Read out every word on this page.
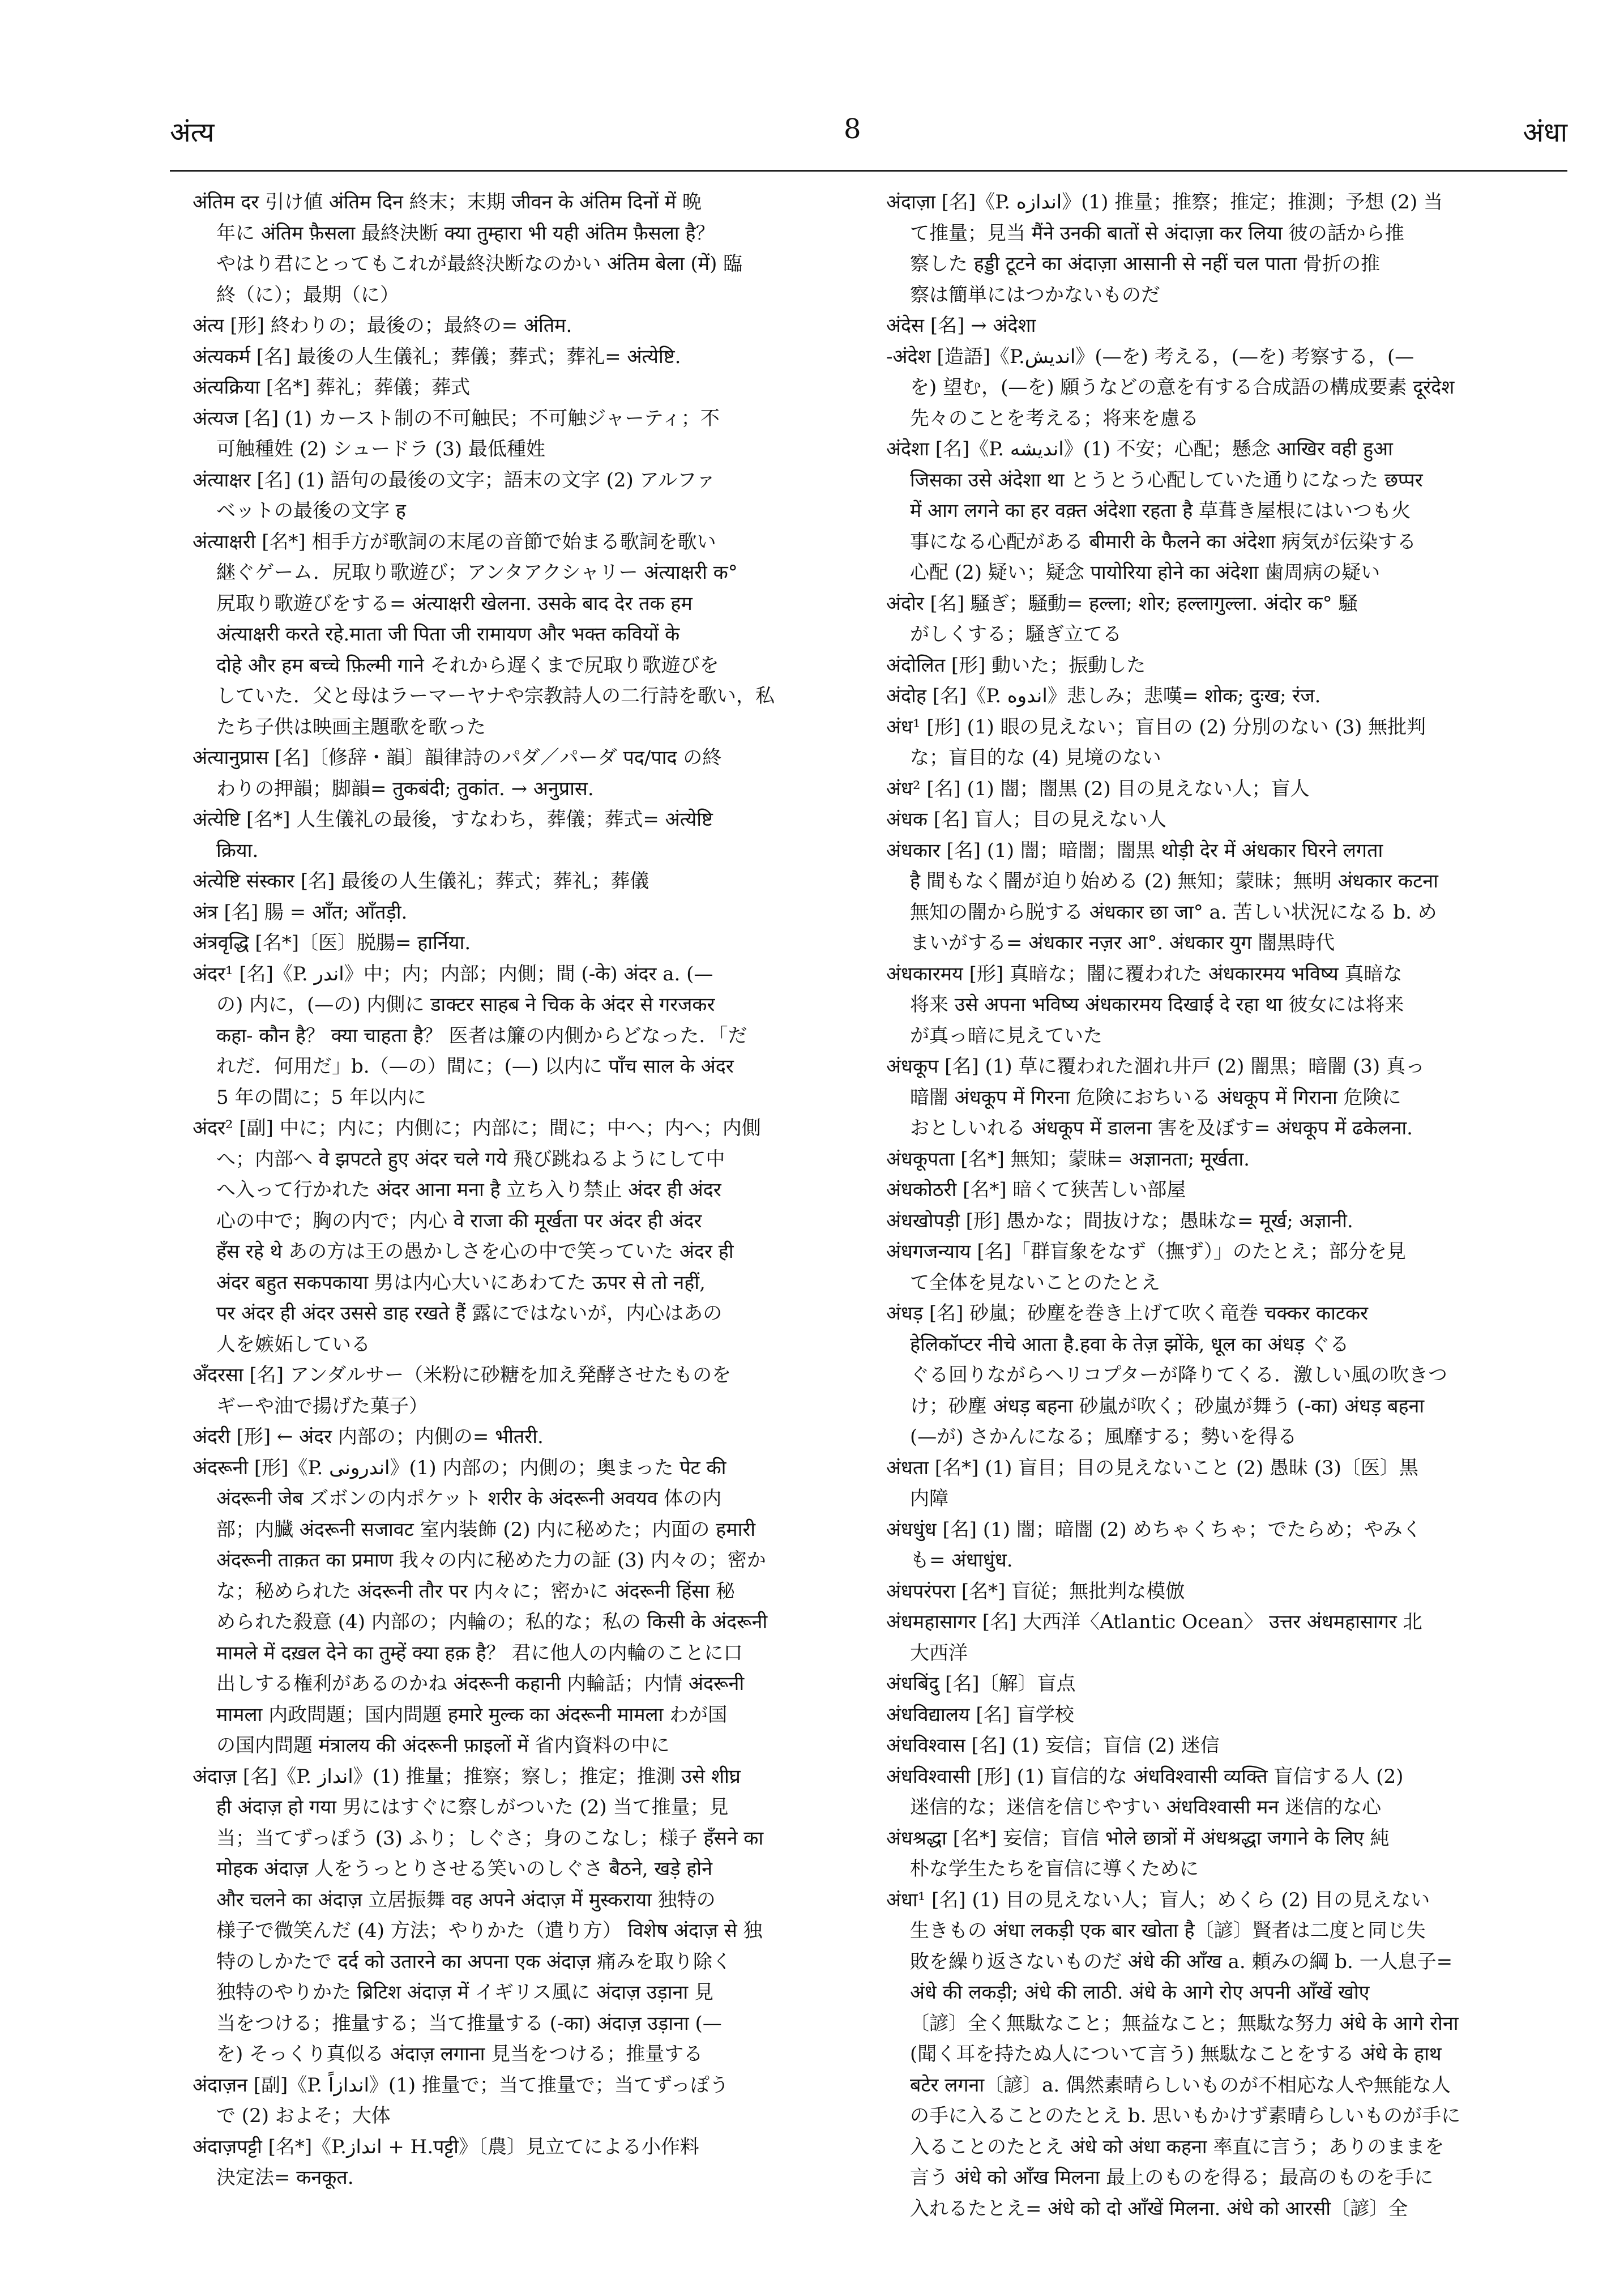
अंत्य	8	अंधा
अंतिम दर 引け値 अंतिम दिन 終末；末期 जीवन के अंतिम दिनों में 晩
年に अंतिम फ़ैसला 最終決断 क्या तुम्हारा भी यही अंतिम फ़ैसला है？
やはり君にとってもこれが最終決断なのかい अंतिम बेला (में) 臨
終（に）；最期（に）
अंत्य [形] 終わりの；最後の；最終の= अंतिम.
अंत्यकर्म [名] 最後の人生儀礼；葬儀；葬式；葬礼= अंत्येष्टि.
अंत्यक्रिया [名*] 葬礼；葬儀；葬式
अंत्यज [名] (1) カースト制の不可触民；不可触ジャーティ；不
可触種姓 (2) シュードラ (3) 最低種姓
अंत्याक्षर [名] (1) 語句の最後の文字；語末の文字 (2) アルファ
ベットの最後の文字 ह
अंत्याक्षरी [名*] 相手方が歌詞の末尾の音節で始まる歌詞を歌い
継ぐゲーム．尻取り歌遊び；アンタアクシャリー अंत्याक्षरी क°
尻取り歌遊びをする= अंत्याक्षरी खेलना. उसके बाद देर तक हम
अंत्याक्षरी करते रहे.माता जी पिता जी रामायण और भक्त कवियों के
दोहे और हम बच्चे फ़िल्मी गाने それから遅くまで尻取り歌遊びを
していた．父と母はラーマーヤナや宗教詩人の二行詩を歌い，私
たち子供は映画主題歌を歌った
अंत्यानुप्रास [名]〔修辞・韻〕韻律詩のパダ／パーダ पद/पाद の終
わりの押韻；脚韻= तुकबंदी; तुकांत. → अनुप्रास.
अंत्येष्टि [名*] 人生儀礼の最後，すなわち，葬儀；葬式= अंत्येष्टि
क्रिया.
अंत्येष्टि संस्कार [名] 最後の人生儀礼；葬式；葬礼；葬儀
अंत्र [名] 腸 = आँत; आँतड़ी.
अंत्रवृद्धि [名*]〔医〕脱腸= हार्निया.
अंदर¹ [名]《P. اندر》中；内；内部；内側；間 (-के) अंदर a. (—
の) 内に，(—の) 内側に डाक्टर साहब ने चिक के अंदर से गरजकर
कहा- कौन है？ क्या चाहता है？ 医者は簾の内側からどなった．「だ
れだ．何用だ」b.（—の）間に；(—) 以内に पाँच साल के अंदर
5 年の間に；5 年以内に
अंदर² [副] 中に；内に；内側に；内部に；間に；中へ；内へ；内側
へ；内部へ वे झपटते हुए अंदर चले गये 飛び跳ねるようにして中
へ入って行かれた अंदर आना मना है 立ち入り禁止 अंदर ही अंदर
心の中で；胸の内で；内心 वे राजा की मूर्खता पर अंदर ही अंदर
हँस रहे थे あの方は王の愚かしさを心の中で笑っていた अंदर ही
अंदर बहुत सकपकाया 男は内心大いにあわてた ऊपर से तो नहीं,
पर अंदर ही अंदर उससे डाह रखते हैं 露にではないが，内心はあの
人を嫉妬している
अँदरसा [名] アンダルサー（米粉に砂糖を加え発酵させたものを
ギーや油で揚げた菓子）
अंदरी [形] ← अंदर 内部の；内側の= भीतरी.
अंदरूनी [形]《P. اندرونی》(1) 内部の；内側の；奥まった पेट की
अंदरूनी जेब ズボンの内ポケット शरीर के अंदरूनी अवयव 体の内
部；内臓 अंदरूनी सजावट 室内装飾 (2) 内に秘めた；内面の हमारी
अंदरूनी ताक़त का प्रमाण 我々の内に秘めた力の証 (3) 内々の；密か
な；秘められた अंदरूनी तौर पर 内々に；密かに अंदरूनी हिंसा 秘
められた殺意 (4) 内部の；内輪の；私的な；私の किसी के अंदरूनी
मामले में दख़ल देने का तुम्हें क्या हक़ है？ 君に他人の内輪のことに口
出しする権利があるのかね अंदरूनी कहानी 内輪話；内情 अंदरूनी
मामला 内政問題；国内問題 हमारे मुल्क का अंदरूनी मामला わが国
の国内問題 मंत्रालय की अंदरूनी फ़ाइलों में 省内資料の中に
अंदाज़ [名]《P. انداز》(1) 推量；推察；察し；推定；推測 उसे शीघ्र
ही अंदाज़ हो गया 男にはすぐに察しがついた (2) 当て推量；見
当；当てずっぽう (3) ふり；しぐさ；身のこなし；様子 हँसने का
मोहक अंदाज़ 人をうっとりさせる笑いのしぐさ बैठने, खड़े होने
और चलने का अंदाज़ 立居振舞 वह अपने अंदाज़ में मुस्कराया 独特の
様子で微笑んだ (4) 方法；やりかた（遣り方） विशेष अंदाज़ से 独
特のしかたで दर्द को उतारने का अपना एक अंदाज़ 痛みを取り除く
独特のやりかた ब्रिटिश अंदाज़ में イギリス風に अंदाज़ उड़ाना 見
当をつける；推量する；当て推量する (-का) अंदाज़ उड़ाना (—
を) そっくり真似る अंदाज़ लगाना 見当をつける；推量する
अंदाज़न [副]《P. اندازاً》(1) 推量で；当て推量で；当てずっぽう
で (2) およそ；大体
अंदाज़पट्टी [名*]《P.انداز + H.पट्टी》〔農〕見立てによる小作料
決定法= कनकूत.
अंदाज़ा [名]《P. اندازه》(1) 推量；推察；推定；推測；予想 (2) 当
て推量；見当 मैंने उनकी बातों से अंदाज़ा कर लिया 彼の話から推
察した हड्डी टूटने का अंदाज़ा आसानी से नहीं चल पाता 骨折の推
察は簡単にはつかないものだ
अंदेस [名] → अंदेशा
-अंदेश [造語]《P.اندیش》(—を) 考える，(—を) 考察する，(—
を) 望む，(—を) 願うなどの意を有する合成語の構成要素 दूरंदेश
先々のことを考える；将来を慮る
अंदेशा [名]《P. اندیشه》(1) 不安；心配；懸念 आखिर वही हुआ
जिसका उसे अंदेशा था とうとう心配していた通りになった छप्पर
में आग लगने का हर वक़्त अंदेशा रहता है 草葺き屋根にはいつも火
事になる心配がある बीमारी के फैलने का अंदेशा 病気が伝染する
心配 (2) 疑い；疑念 पायोरिया होने का अंदेशा 歯周病の疑い
अंदोर [名] 騒ぎ；騒動= हल्ला; शोर; हल्लागुल्ला. अंदोर क° 騒
がしくする；騒ぎ立てる
अंदोलित [形] 動いた；振動した
अंदोह [名]《P. اندوه》悲しみ；悲嘆= शोक; दुःख; रंज.
अंध¹ [形] (1) 眼の見えない；盲目の (2) 分別のない (3) 無批判
な；盲目的な (4) 見境のない
अंध² [名] (1) 闇；闇黒 (2) 目の見えない人；盲人
अंधक [名] 盲人；目の見えない人
अंधकार [名] (1) 闇；暗闇；闇黒 थोड़ी देर में अंधकार घिरने लगता
है 間もなく闇が迫り始める (2) 無知；蒙昧；無明 अंधकार कटना
無知の闇から脱する अंधकार छा जा° a. 苦しい状況になる b. め
まいがする= अंधकार नज़र आ°. अंधकार युग 闇黒時代
अंधकारमय [形] 真暗な；闇に覆われた अंधकारमय भविष्य 真暗な
将来 उसे अपना भविष्य अंधकारमय दिखाई दे रहा था 彼女には将来
が真っ暗に見えていた
अंधकूप [名] (1) 草に覆われた涸れ井戸 (2) 闇黒；暗闇 (3) 真っ
暗闇 अंधकूप में गिरना 危険におちいる अंधकूप में गिराना 危険に
おとしいれる अंधकूप में डालना 害を及ぼす= अंधकूप में ढकेलना.
अंधकूपता [名*] 無知；蒙昧= अज्ञानता; मूर्खता.
अंधकोठरी [名*] 暗くて狭苦しい部屋
अंधखोपड़ी [形] 愚かな；間抜けな；愚昧な= मूर्ख; अज्ञानी.
अंधगजन्याय [名]「群盲象をなず（撫ず）」のたとえ；部分を見
て全体を見ないことのたとえ
अंधड़ [名] 砂嵐；砂塵を巻き上げて吹く竜巻 चक्कर काटकर
हेलिकॉप्टर नीचे आता है.हवा के तेज़ झोंके, धूल का अंधड़ ぐる
ぐる回りながらヘリコプターが降りてくる．激しい風の吹きつ
け；砂塵 अंधड़ बहना 砂嵐が吹く；砂嵐が舞う (-का) अंधड़ बहना
(—が) さかんになる；風靡する；勢いを得る
अंधता [名*] (1) 盲目；目の見えないこと (2) 愚昧 (3)〔医〕黒
内障
अंधधुंध [名] (1) 闇；暗闇 (2) めちゃくちゃ；でたらめ；やみく
も= अंधाधुंध.
अंधपरंपरा [名*] 盲従；無批判な模倣
अंधमहासागर [名] 大西洋〈Atlantic Ocean〉 उत्तर अंधमहासागर 北
大西洋
अंधबिंदु [名]〔解〕盲点
अंधविद्यालय [名] 盲学校
अंधविश्वास [名] (1) 妄信；盲信 (2) 迷信
अंधविश्वासी [形] (1) 盲信的な अंधविश्वासी व्यक्ति 盲信する人 (2)
迷信的な；迷信を信じやすい अंधविश्वासी मन 迷信的な心
अंधश्रद्धा [名*] 妄信；盲信 भोले छात्रों में अंधश्रद्धा जगाने के लिए 純
朴な学生たちを盲信に導くために
अंधा¹ [名] (1) 目の見えない人；盲人；めくら (2) 目の見えない
生きもの अंधा लकड़ी एक बार खोता है〔諺〕賢者は二度と同じ失
敗を繰り返さないものだ अंधे की आँख a. 頼みの綱 b. 一人息子=
अंधे की लकड़ी; अंधे की लाठी. अंधे के आगे रोए अपनी आँखें खोए
〔諺〕全く無駄なこと；無益なこと；無駄な努力 अंधे के आगे रोना
(聞く耳を持たぬ人について言う) 無駄なことをする अंधे के हाथ
बटेर लगना〔諺〕a. 偶然素晴らしいものが不相応な人や無能な人
の手に入ることのたとえ b. 思いもかけず素晴らしいものが手に
入ることのたとえ अंधे को अंधा कहना 率直に言う；ありのままを
言う अंधे को आँख मिलना 最上のものを得る；最高のものを手に
入れるたとえ= अंधे को दो आँखें मिलना. अंधे को आरसी〔諺〕全
